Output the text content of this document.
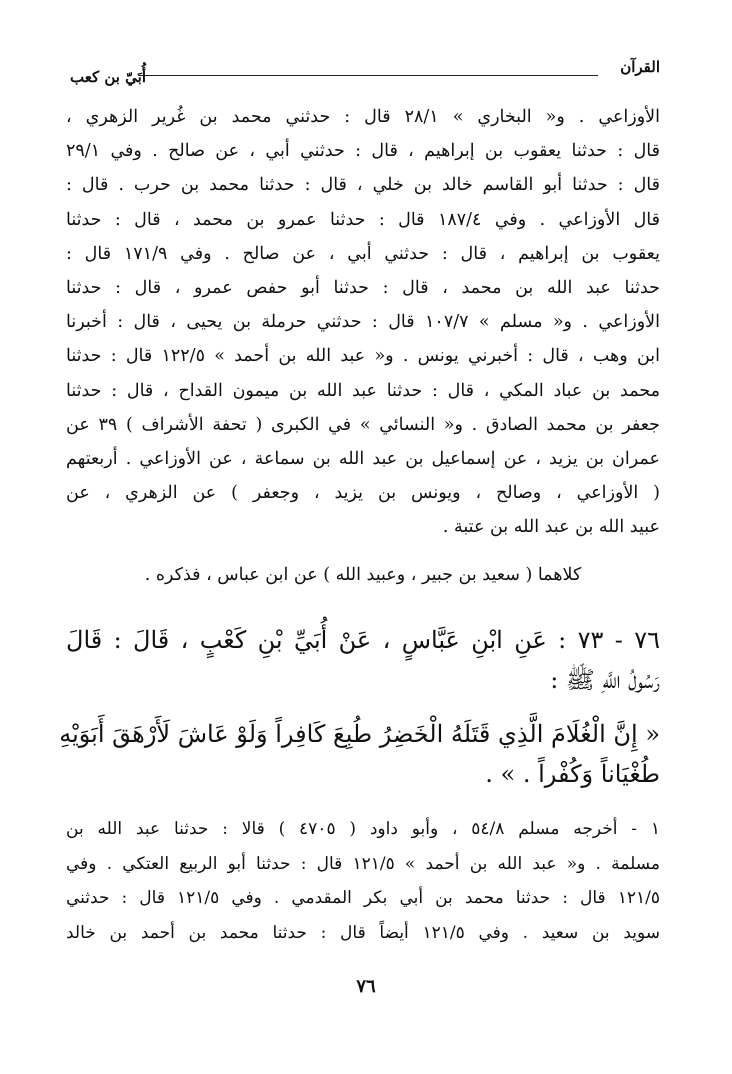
القرآن
أُبَيّ بن كعب
الأوزاعي . و« البخاري » ٢٨/١ قال : حدثني محمد بن غُرير الزهري ،
قال : حدثنا يعقوب بن إبراهيم ، قال : حدثني أبي ، عن صالح . وفي ٢٩/١
قال : حدثنا أبو القاسم خالد بن خلي ، قال : حدثنا محمد بن حرب . قال :
قال الأوزاعي . وفي ١٨٧/٤ قال : حدثنا عمرو بن محمد ، قال : حدثنا
يعقوب بن إبراهيم ، قال : حدثني أبي ، عن صالح . وفي ١٧١/٩ قال :
حدثنا عبد الله بن محمد ، قال : حدثنا أبو حفص عمرو ، قال : حدثنا
الأوزاعي . و« مسلم » ١٠٧/٧ قال : حدثني حرملة بن يحيى ، قال : أخبرنا
ابن وهب ، قال : أخبرني يونس . و« عبد الله بن أحمد » ١٢٢/٥ قال : حدثنا
محمد بن عباد المكي ، قال : حدثنا عبد الله بن ميمون القداح ، قال : حدثنا
جعفر بن محمد الصادق . و« النسائي » في الكبرى ( تحفة الأشراف ) ٣٩ عن
عمران بن يزيد ، عن إسماعيل بن عبد الله بن سماعة ، عن الأوزاعي . أربعتهم
( الأوزاعي ، وصالح ، ويونس بن يزيد ، وجعفر ) عن الزهري ، عن
عبيد الله بن عبد الله بن عتبة .
كلاهما ( سعيد بن جبير ، وعبيد الله ) عن ابن عباس ، فذكره .
٧٦ - ٧٣ : عَنِ ابْنِ عَبَّاسٍ ، عَنْ أُبَيِّ بْنِ كَعْبٍ ، قَالَ : قَالَ
رَسُولُ اللَّهِ ﷺ :
« إِنَّ الْغُلَامَ الَّذِي قَتَلَهُ الْخَضِرُ طُبِعَ كَافِراً وَلَوْ عَاشَ لَأَرْهَقَ أَبَوَيْهِ
طُغْيَاناً وَكُفْراً . » .
١ - أخرجه مسلم ٥٤/٨ ، وأبو داود ( ٤٧٠٥ ) قالا : حدثنا عبد الله بن
مسلمة . و« عبد الله بن أحمد » ١٢١/٥ قال : حدثنا أبو الربيع العتكي . وفي
١٢١/٥ قال : حدثنا محمد بن أبي بكر المقدمي . وفي ١٢١/٥ قال : حدثني
سويد بن سعيد . وفي ١٢١/٥ أيضاً قال : حدثنا محمد بن أحمد بن خالد
٧٦
